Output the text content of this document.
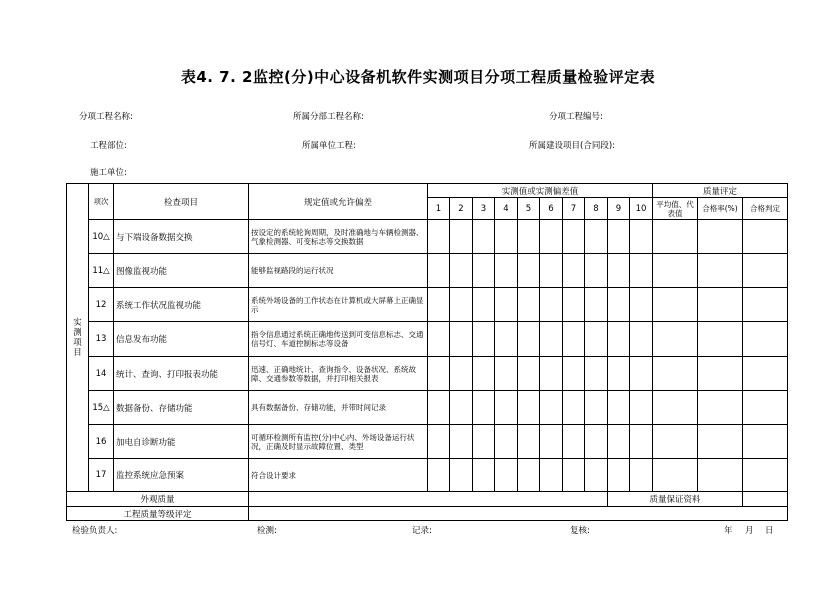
表4. 7. 2监控(分)中心设备机软件实测项目分项工程质量检验评定表
分项工程名称:	所属分部工程名称:	分项工程编号:
工程部位:	所属单位工程:	所属建设项目(合同段):
施工单位:
实
测
项
目	项次	检查项目	规定值或允许偏差	实测值或实测偏差值										质量评定		
				1	2	3	4	5	6	7	8	9	10	平均值、代表值	合格率(%)	合格判定
	10△	与下端设备数据交换	按设定的系统轮询周期，及时准确地与车辆检测器、气象检测器、可变标志等交换数据													
	11△	图像监视功能	能够监视路段的运行状况													
	12	系统工作状况监视功能	系统外场设备的工作状态在计算机或大屏幕上正确显示													
	13	信息发布功能	指令信息通过系统正确地传送到可变信息标志、交通信号灯、车道控制标志等设备													
	14	统计、查询、打印报表功能	迅速、正确地统计、查询指令、设备状况、系统故障、交通参数等数据，并打印相关报表													
	15△	数据备份、存储功能	具有数据备份、存储功能，并带时间记录													
	16	加电自诊断功能	可循环检测所有监控(分)中心内、外场设备运行状况，正确及时显示故障位置、类型													
	17	监控系统应急预案	符合设计要求													
外观质量												质量保证资料				
工程质量等级评定																
检验负责人:	检测:	记录:	复核:	年 月 日
